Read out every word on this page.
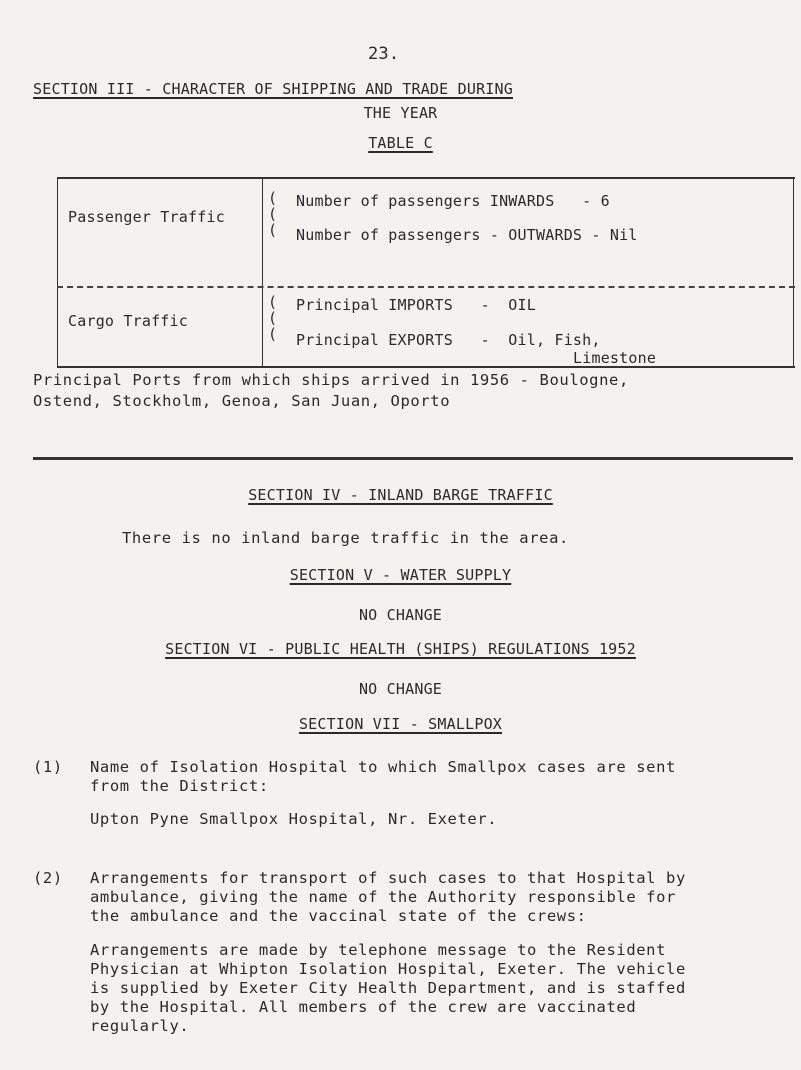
23.
SECTION III - CHARACTER OF SHIPPING AND TRADE DURING
THE YEAR
TABLE C
Passenger Traffic
(
(
(
Number of passengers INWARDS   - 6
Number of passengers - OUTWARDS - Nil
Cargo Traffic
(
(
(
Principal IMPORTS   -  OIL
Principal EXPORTS   -  Oil, Fish,
Limestone
Principal Ports from which ships arrived in 1956 - Boulogne,
Ostend, Stockholm, Genoa, San Juan, Oporto
SECTION IV - INLAND BARGE TRAFFIC
There is no inland barge traffic in the area.
SECTION V - WATER SUPPLY
NO CHANGE
SECTION VI - PUBLIC HEALTH (SHIPS) REGULATIONS 1952
NO CHANGE
SECTION VII - SMALLPOX
(1) Name of Isolation Hospital to which Smallpox cases are sent
from the District:
Upton Pyne Smallpox Hospital, Nr. Exeter.
(2) Arrangements for transport of such cases to that Hospital by
ambulance, giving the name of the Authority responsible for
the ambulance and the vaccinal state of the crews:
Arrangements are made by telephone message to the Resident
Physician at Whipton Isolation Hospital, Exeter. The vehicle
is supplied by Exeter City Health Department, and is staffed
by the Hospital. All members of the crew are vaccinated
regularly.
